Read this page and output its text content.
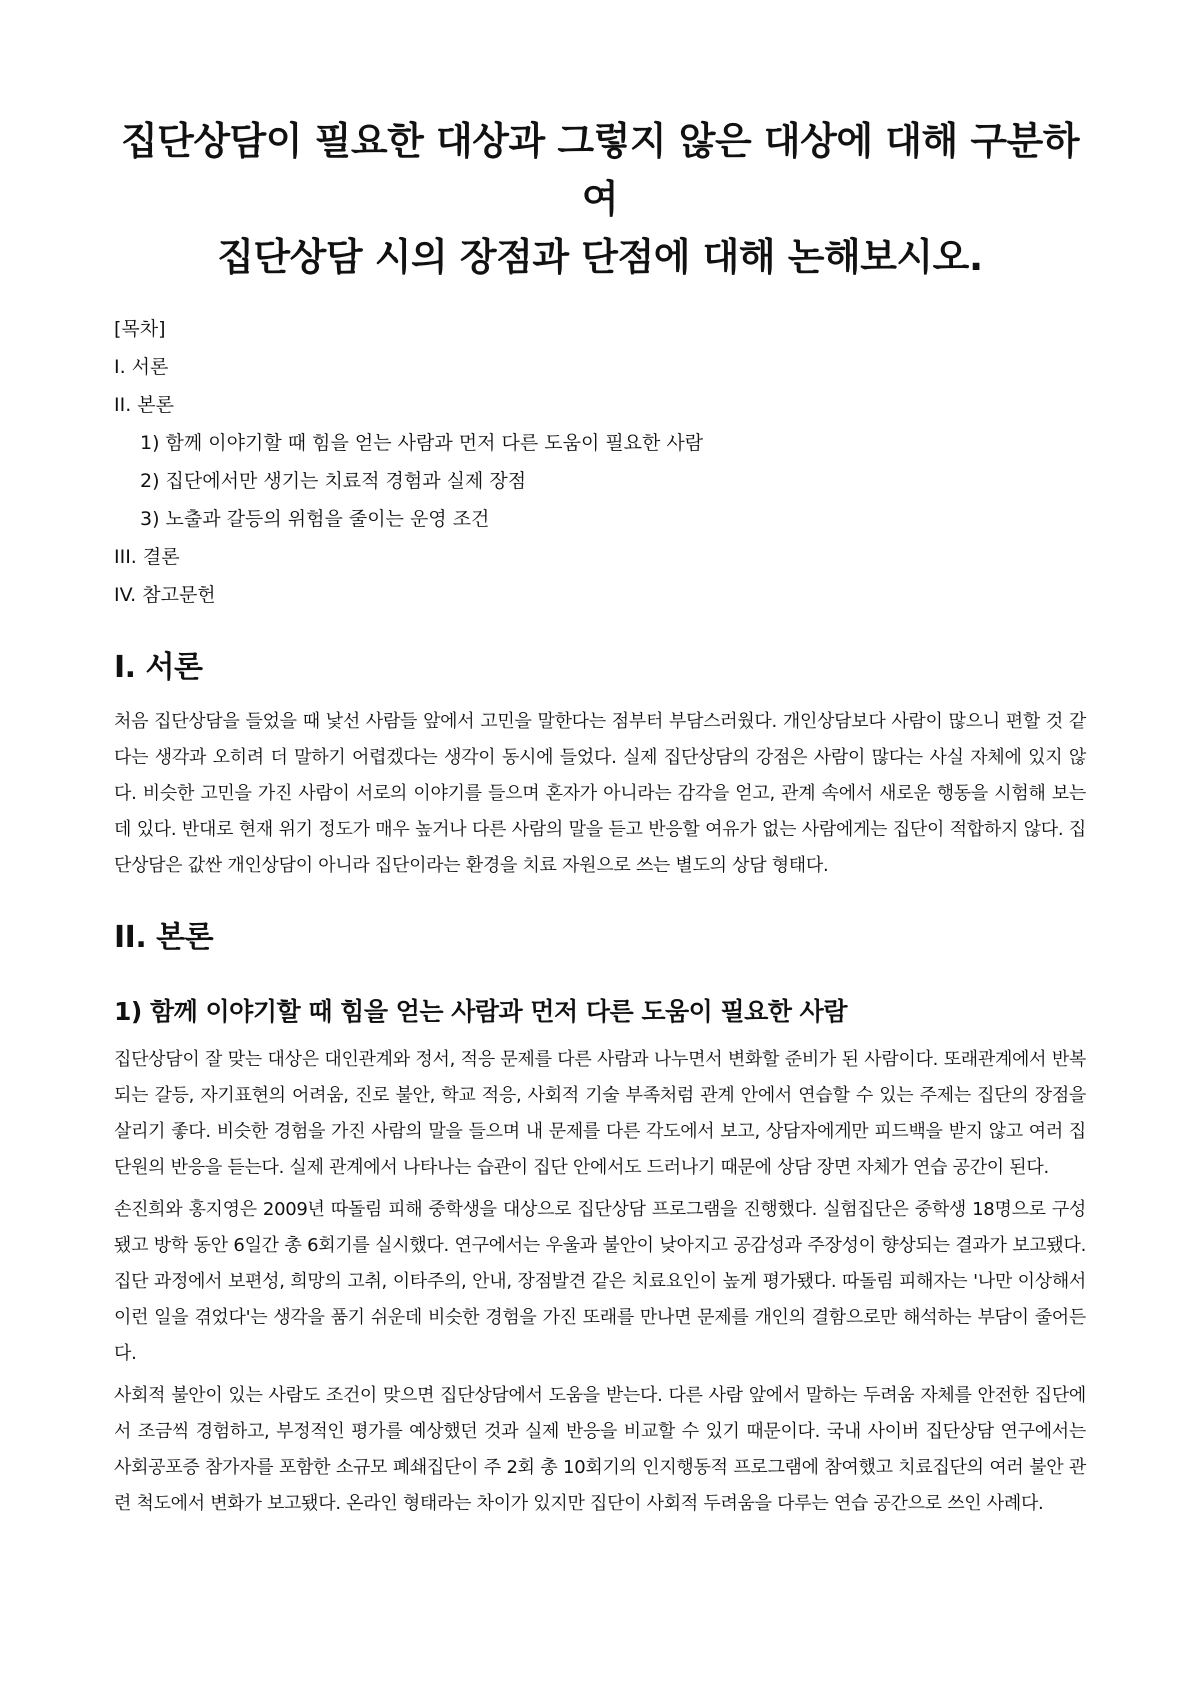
집단상담이 필요한 대상과 그렇지 않은 대상에 대해 구분하여
집단상담 시의 장점과 단점에 대해 논해보시오.
[목차]
I. 서론
II. 본론
1) 함께 이야기할 때 힘을 얻는 사람과 먼저 다른 도움이 필요한 사람
2) 집단에서만 생기는 치료적 경험과 실제 장점
3) 노출과 갈등의 위험을 줄이는 운영 조건
III. 결론
IV. 참고문헌
I. 서론

처음 집단상담을 들었을 때 낯선 사람들 앞에서 고민을 말한다는 점부터 부담스러웠다. 개인상담보다 사람이 많으니 편할 것 같다는 생각과 오히려 더 말하기 어렵겠다는 생각이 동시에 들었다. 실제 집단상담의 강점은 사람이 많다는 사실 자체에 있지 않다. 비슷한 고민을 가진 사람이 서로의 이야기를 들으며 혼자가 아니라는 감각을 얻고, 관계 속에서 새로운 행동을 시험해 보는 데 있다. 반대로 현재 위기 정도가 매우 높거나 다른 사람의 말을 듣고 반응할 여유가 없는 사람에게는 집단이 적합하지 않다. 집단상담은 값싼 개인상담이 아니라 집단이라는 환경을 치료 자원으로 쓰는 별도의 상담 형태다.

II. 본론
1) 함께 이야기할 때 힘을 얻는 사람과 먼저 다른 도움이 필요한 사람

집단상담이 잘 맞는 대상은 대인관계와 정서, 적응 문제를 다른 사람과 나누면서 변화할 준비가 된 사람이다. 또래관계에서 반복되는 갈등, 자기표현의 어려움, 진로 불안, 학교 적응, 사회적 기술 부족처럼 관계 안에서 연습할 수 있는 주제는 집단의 장점을 살리기 좋다. 비슷한 경험을 가진 사람의 말을 들으며 내 문제를 다른 각도에서 보고, 상담자에게만 피드백을 받지 않고 여러 집단원의 반응을 듣는다. 실제 관계에서 나타나는 습관이 집단 안에서도 드러나기 때문에 상담 장면 자체가 연습 공간이 된다.

손진희와 홍지영은 2009년 따돌림 피해 중학생을 대상으로 집단상담 프로그램을 진행했다. 실험집단은 중학생 18명으로 구성됐고 방학 동안 6일간 총 6회기를 실시했다. 연구에서는 우울과 불안이 낮아지고 공감성과 주장성이 향상되는 결과가 보고됐다. 집단 과정에서 보편성, 희망의 고취, 이타주의, 안내, 장점발견 같은 치료요인이 높게 평가됐다. 따돌림 피해자는 '나만 이상해서 이런 일을 겪었다'는 생각을 품기 쉬운데 비슷한 경험을 가진 또래를 만나면 문제를 개인의 결함으로만 해석하는 부담이 줄어든다.

사회적 불안이 있는 사람도 조건이 맞으면 집단상담에서 도움을 받는다. 다른 사람 앞에서 말하는 두려움 자체를 안전한 집단에서 조금씩 경험하고, 부정적인 평가를 예상했던 것과 실제 반응을 비교할 수 있기 때문이다. 국내 사이버 집단상담 연구에서는 사회공포증 참가자를 포함한 소규모 폐쇄집단이 주 2회 총 10회기의 인지행동적 프로그램에 참여했고 치료집단의 여러 불안 관련 척도에서 변화가 보고됐다. 온라인 형태라는 차이가 있지만 집단이 사회적 두려움을 다루는 연습 공간으로 쓰인 사례다.
